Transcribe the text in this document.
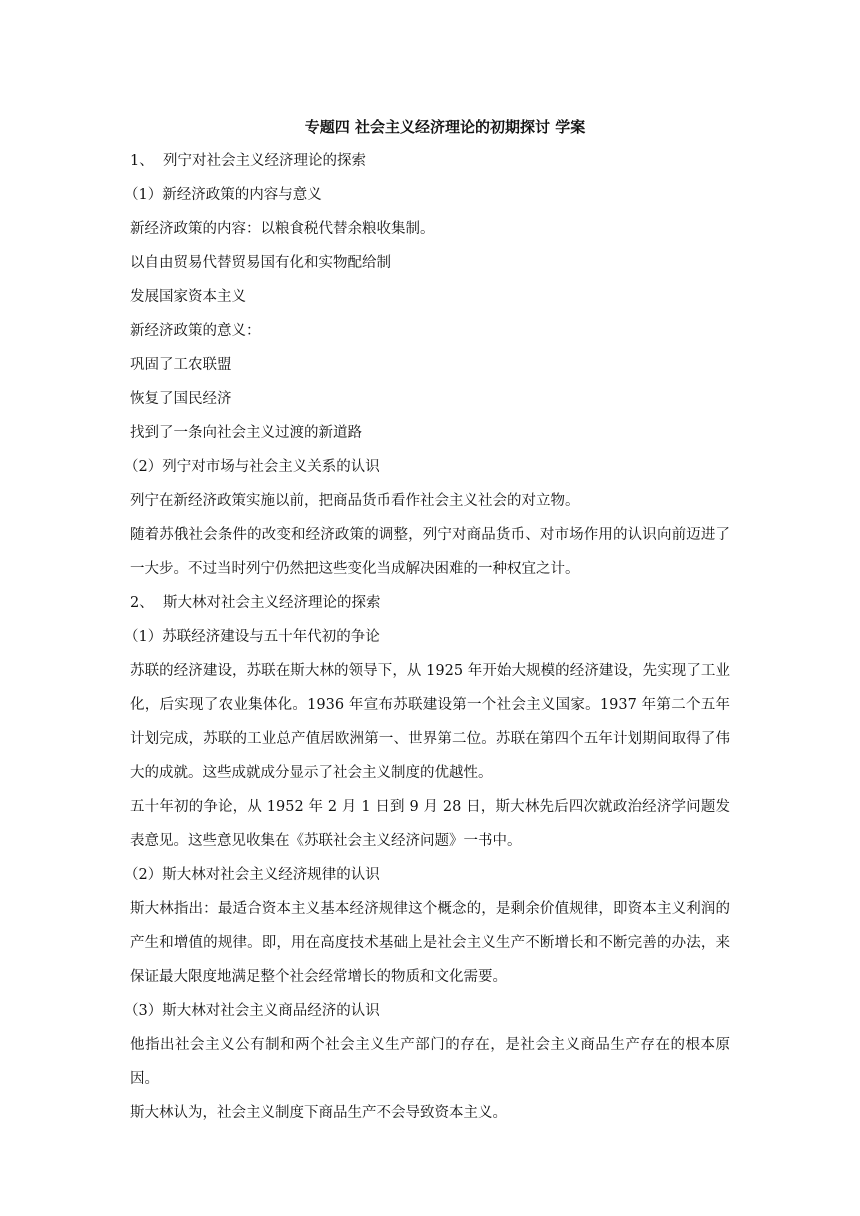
专题四 社会主义经济理论的初期探讨 学案

1、 列宁对社会主义经济理论的探索

（1）新经济政策的内容与意义

新经济政策的内容：以粮食税代替余粮收集制。

以自由贸易代替贸易国有化和实物配给制

发展国家资本主义

新经济政策的意义：

巩固了工农联盟

恢复了国民经济

找到了一条向社会主义过渡的新道路

（2）列宁对市场与社会主义关系的认识

列宁在新经济政策实施以前，把商品货币看作社会主义社会的对立物。

随着苏俄社会条件的改变和经济政策的调整，列宁对商品货币、对市场作用的认识向前迈进了一大步。不过当时列宁仍然把这些变化当成解决困难的一种权宜之计。

2、 斯大林对社会主义经济理论的探索

（1）苏联经济建设与五十年代初的争论

苏联的经济建设，苏联在斯大林的领导下，从 1925 年开始大规模的经济建设，先实现了工业化，后实现了农业集体化。1936 年宣布苏联建设第一个社会主义国家。1937 年第二个五年计划完成，苏联的工业总产值居欧洲第一、世界第二位。苏联在第四个五年计划期间取得了伟大的成就。这些成就成分显示了社会主义制度的优越性。

五十年初的争论，从 1952 年 2 月 1 日到 9 月 28 日，斯大林先后四次就政治经济学问题发表意见。这些意见收集在《苏联社会主义经济问题》一书中。

（2）斯大林对社会主义经济规律的认识

斯大林指出：最适合资本主义基本经济规律这个概念的，是剩余价值规律，即资本主义利润的产生和增值的规律。即，用在高度技术基础上是社会主义生产不断增长和不断完善的办法，来保证最大限度地满足整个社会经常增长的物质和文化需要。

（3）斯大林对社会主义商品经济的认识

他指出社会主义公有制和两个社会主义生产部门的存在，是社会主义商品生产存在的根本原因。

斯大林认为，社会主义制度下商品生产不会导致资本主义。
